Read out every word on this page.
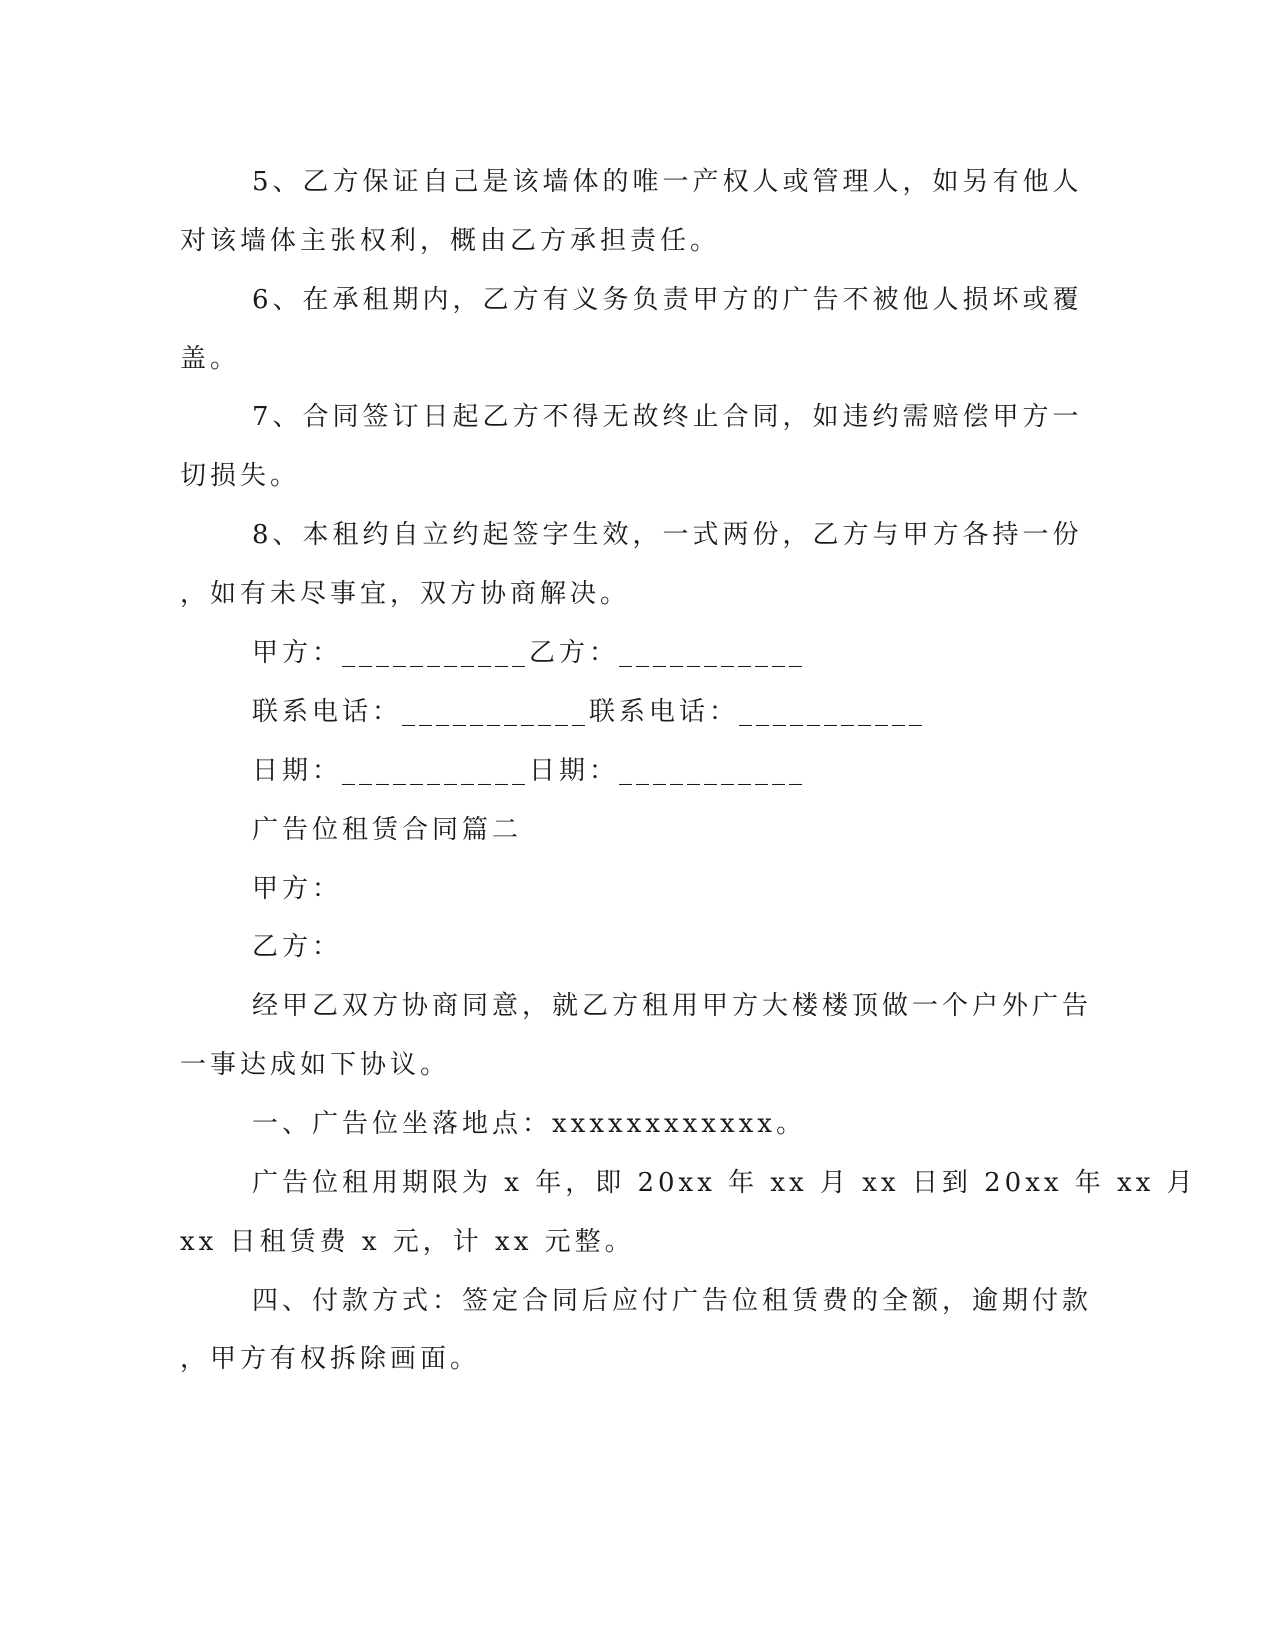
5、乙方保证自己是该墙体的唯一产权人或管理人，如另有他人
对该墙体主张权利，概由乙方承担责任。
6、在承租期内，乙方有义务负责甲方的广告不被他人损坏或覆
盖。
7、合同签订日起乙方不得无故终止合同，如违约需赔偿甲方一
切损失。
8、本租约自立约起签字生效，一式两份，乙方与甲方各持一份
，如有未尽事宜，双方协商解决。
甲方：___________乙方：___________
联系电话：___________联系电话：___________
日期：___________日期：___________
广告位租赁合同篇二
甲方：
乙方：
经甲乙双方协商同意，就乙方租用甲方大楼楼顶做一个户外广告
一事达成如下协议。
一、广告位坐落地点：xxxxxxxxxxxx。
广告位租用期限为 x 年，即 20xx 年 xx 月 xx 日到 20xx 年 xx 月
xx 日租赁费 x 元，计 xx 元整。
四、付款方式：签定合同后应付广告位租赁费的全额，逾期付款
，甲方有权拆除画面。
